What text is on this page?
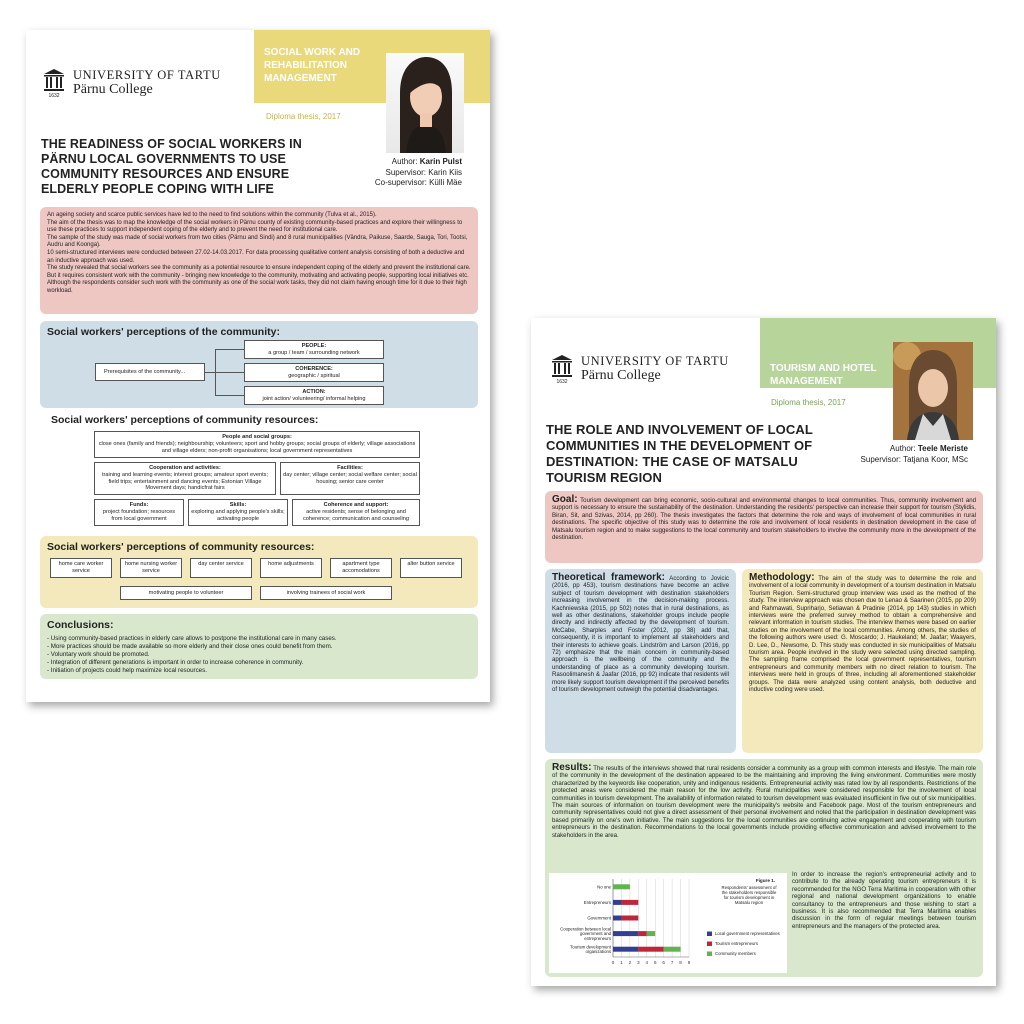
1632
UNIVERSITY OF TARTU
Pärnu College
SOCIAL WORK AND REHABILITATION MANAGEMENT
Diploma thesis, 2017
THE READINESS OF SOCIAL WORKERS IN PÄRNU LOCAL GOVERNMENTS TO USE COMMUNITY RESOURCES AND ENSURE ELDERLY PEOPLE COPING WITH LIFE
Author: Karin Pulst
Supervisor: Karin Kiis
Co-supervisor: Külli Mäe
An ageing society and scarce public services have led to the need to find solutions within the community (Tulva et al., 2015).
The aim of the thesis was to map the knowledge of the social workers in Pärnu county of existing community-based practices and explore their willingness to use these practices to support independent coping of the elderly and to prevent the need for institutional care.
The sample of the study was made of social workers from two cities (Pärnu and Sindi) and 8 rural municipalities (Vändra, Paikuse, Saarde, Sauga, Tori, Tootsi, Audru and Koonga).
10 semi-structured interviews were conducted between 27.02-14.03.2017. For data processing qualitative content analysis consisting of both a deductive and an inductive approach was used.
The study revealed that social workers see the community as a potential resource to ensure independent coping of the elderly and prevent the institutional care. But it requires consistent work with the community - bringing new knowledge to the community, motivating and activating people, supporting local initiatives etc. Although the respondents consider such work with the community as one of the social work tasks, they did not claim having enough time for it due to their high workload.
Social workers' perceptions of the community:
Prerequisites of the community...
PEOPLE:
a group / team / surrounding network
COHERENCE:
geographic / spiritual
ACTION:
joint action/ volunteering/ informal helping
Social workers' perceptions of community resources:
People and social groups:
close ones (family and friends); neighbourship; volunteers; sport and hobby groups; social groups of elderly; village associations and village elders; non-profit organisations; local government representatives
Cooperation and activities:
training and learning events; interest groups; amateur sport events; field trips; entertainment and dancing events; Estonian Village Movement days; handicfrat fairs
Facilities:
day center; village center; social welfare center; social housing; senior care center
Funds:
project foundation; resources from local government
Skills:
exploring and applying people's skills; activating people
Coherence and support:
active residents; sense of belonging and coherence; communication and counseling
Social workers' perceptions of community resources:
home care worker service
home nursing worker service
day center service	home adjustments	apartment type accomodations
alter button service
motivating people to volunteer	involving trainees of social work
Conclusions:
- Using community-based practices in elderly care allows to postpone the institutional care in many cases.
- More practices should be made available so more elderly and their close ones could benefit from them.
- Voluntary work should be promoted.
- Integration of different generations is important in order to increase coherence in community.
- Initiation of projects could help maximize local resources.
1632
UNIVERSITY OF TARTU
Pärnu College	TOURISM AND HOTEL MANAGEMENT
Diploma thesis, 2017
THE ROLE AND INVOLVEMENT OF LOCAL COMMUNITIES IN THE DEVELOPMENT OF DESTINATION: THE CASE OF MATSALU TOURISM REGION
Author: Teele Meriste
Supervisor: Tatjana Koor, MSc
Goal: Tourism development can bring economic, socio-cultural and environmental changes to local communities. Thus, community involvement and support is necessary to ensure the sustainability of the destination. Understanding the residents' perspective can increase their support for tourism (Stylidis, Biran, Sit, and Szivas, 2014, pp 260). The thesis investigates the factors that determine the role and ways of involvement of local communities in rural destinations. The specific objective of this study was to determine the role and involvement of local residents in destination development in the case of Matsalu tourism region and to make suggestions to the local community and tourism stakeholders to involve the community more in the development of the destination.
Theoretical framework: According to Jovicic (2016, pp 453), tourism destinations have become an active subject of tourism development with destination stakeholders increasing involvement in the decision-making process. Kachniewska (2015, pp 502) notes that in rural destinations, as well as other destinations, stakeholder groups include people directly and indirectly affected by the development of tourism. McCabe, Sharples and Foster (2012, pp 38) add that, consequently, it is important to implement all stakeholders and their interests to achieve goals. Lindström and Larson (2016, pp 72) emphasize that the main concern in community-based approach is the wellbeing of the community and the understanding of place as a community developing tourism. Rasoolimanesh & Jaafar (2016, pp 92) indicate that residents will more likely support tourism development if the perceived benefits of tourism development outweigh the potential disadvantages.
Methodology: The aim of the study was to determine the role and involvement of a local community in development of a tourism destination in Matsalu Tourism Region. Semi-structured group interview was used as the method of the study. The interview approach was chosen due to Lenao & Saarinen (2015, pp 209) and Rahmawati, Supriharjo, Setiawan & Pradinie (2014, pp 143) studies in which interviews were the preferred survey method to obtain a comprehensive and relevant information in tourism studies. The interview themes were based on earlier studies on the involvement of the local communities. Among others, the studies of the following authors were used: G. Moscardo; J. Haukeland; M. Jaafar; Waayers, D. Lee, D., Newsome, D. This study was conducted in six municipalities of Matsalu tourism area. People involved in the study were selected using directed sampling. The sampling frame comprised the local government representatives, tourism entrepreneurs and community members with no direct relation to tourism. The interviews were held in groups of three, including all aforementioned stakeholder groups. The data were analyzed using content analysis, both deductive and inductive coding were used.
Results: The results of the interviews showed that rural residents consider a community as a group with common interests and lifestyle. The main role of the community in the development of the destination appeared to be the maintaining and improving the living environment. Communities were mostly characterized by the keywords like cooperation, unity and indigenous residents. Entrepreneurial activity was rated low by all respondents. Restrictions of the protected areas were considered the main reason for the low activity. Rural municipalities were considered responsible for the involvement of local communities in tourism development. The availability of information related to tourism development was evaluated insufficient in five out of six municipalities. The main sources of information on tourism development were the municipality's website and Facebook page. Most of the tourism entrepreneurs and community representatives could not give a direct assessment of their personal involvement and noted that the participation in destination development was based primarily on one's own initiative. The main suggestions for the local communities are continuing active engagement and cooperating with tourism entrepreneurs in the destination. Recommendations to the local governments include providing effective communication and advised involvement to the stakeholders in the area.
In order to increase the region's entrepreneurial activity and to contribute to the already operating tourism entrepreneurs it is recommended for the NGO Terra Maritima in cooperation with other regional and national development organizations to enable consultancy to the entrepreneurs and those wishing to start a business. It is also recommended that Terra Maritima enables discussion in the form of regular meetings between tourism entrepreneurs and the managers of the protected area.
0 1 2 3 4 5 6 7 8 9
No one
Entrepreneurs
Government
Cooperation between local government and entrepreneurs
Tourism development organizations
Figure 1.
Respondents' assessment of the stakeholders responsible for tourism development in Matsalu region
Local government representatives
Tourism entrepreneurs
Community members
